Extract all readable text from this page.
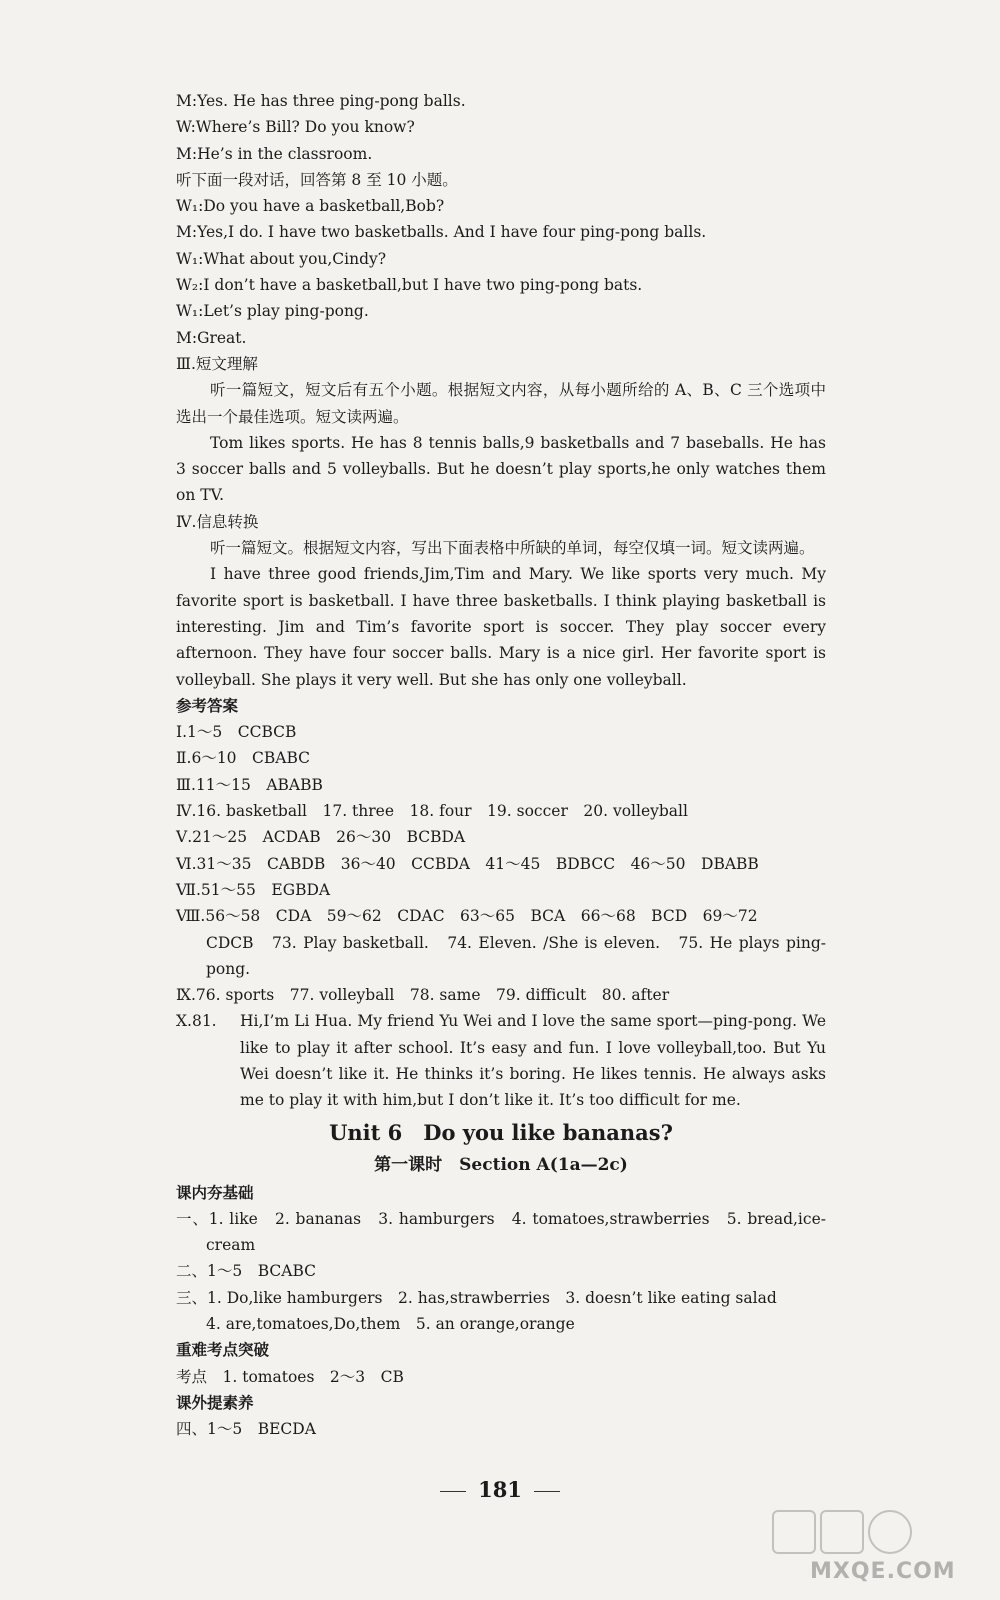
M:Yes. He has three ping-pong balls.
W:Where’s Bill? Do you know?
M:He’s in the classroom.
听下面一段对话，回答第 8 至 10 小题。
W₁:Do you have a basketball,Bob?
M:Yes,I do. I have two basketballs. And I have four ping-pong balls.
W₁:What about you,Cindy?
W₂:I don’t have a basketball,but I have two ping-pong bats.
W₁:Let’s play ping-pong.
M:Great.
Ⅲ.短文理解
听一篇短文，短文后有五个小题。根据短文内容，从每小题所给的 A、B、C 三个选项中选出一个最佳选项。短文读两遍。
Tom likes sports. He has 8 tennis balls,9 basketballs and 7 baseballs. He has 3 soccer balls and 5 volleyballs. But he doesn’t play sports,he only watches them on TV.
Ⅳ.信息转换
听一篇短文。根据短文内容，写出下面表格中所缺的单词，每空仅填一词。短文读两遍。
I have three good friends,Jim,Tim and Mary. We like sports very much. My favorite sport is basketball. I have three basketballs. I think playing basketball is interesting. Jim and Tim’s favorite sport is soccer. They play soccer every afternoon. They have four soccer balls. Mary is a nice girl. Her favorite sport is volleyball. She plays it very well. But she has only one volleyball.
参考答案
Ⅰ.1～5　CCBCB
Ⅱ.6～10　CBABC
Ⅲ.11～15　ABABB
Ⅳ.16. basketball　17. three　18. four　19. soccer　20. volleyball
Ⅴ.21～25　ACDAB　26～30　BCBDA
Ⅵ.31～35　CABDB　36～40　CCBDA　41～45　BDBCC　46～50　DBABB
Ⅶ.51～55　EGBDA
Ⅷ.56～58　CDA　59～62　CDAC　63～65　BCA　66～68　BCD　69～72
CDCB　73. Play basketball.　74. Eleven. /She is eleven.　75. He plays ping-pong.
Ⅸ.76. sports　77. volleyball　78. same　79. difficult　80. after
Ⅹ.81.	Hi,I’m Li Hua. My friend Yu Wei and I love the same sport—ping-pong. We like to play it after school. It’s easy and fun. I love volleyball,too. But Yu Wei doesn’t like it. He thinks it’s boring. He likes tennis. He always asks me to play it with him,but I don’t like it. It’s too difficult for me.
Unit 6　Do you like bananas?
第一课时　Section A(1a—2c)
课内夯基础
一、1. like　2. bananas　3. hamburgers　4. tomatoes,strawberries　5. bread,ice-cream
二、1～5　BCABC
三、1. Do,like hamburgers　2. has,strawberries　3. doesn’t like eating salad
4. are,tomatoes,Do,them　5. an orange,orange
重难考点突破
考点　1. tomatoes　2～3　CB
课外提素养
四、1～5　BECDA
181
MXQE.COM
